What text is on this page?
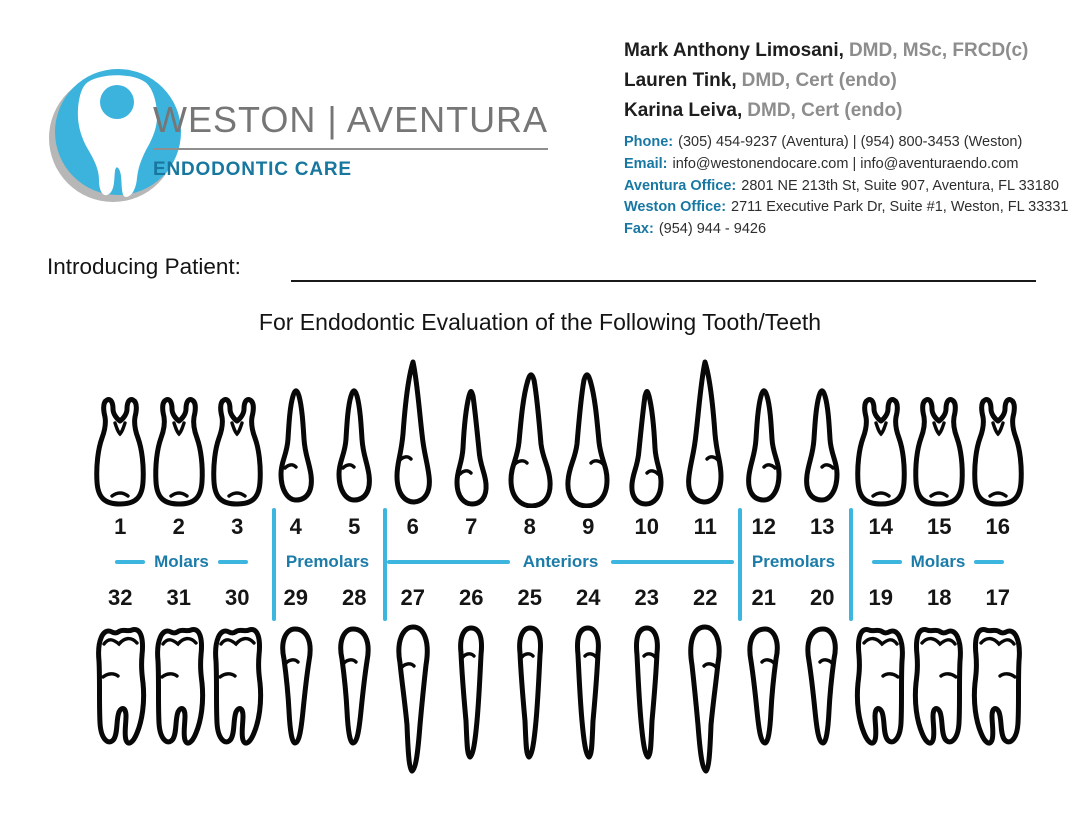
WESTON | AVENTURA
ENDODONTIC CARE
Mark Anthony Limosani, DMD, MSc, FRCD(c)
Lauren Tink, DMD, Cert (endo)
Karina Leiva, DMD, Cert (endo)
Phone: (305) 454-9237 (Aventura) | (954) 800-3453 (Weston)
Email: info@westonendocare.com | info@aventuraendo.com
Aventura Office: 2801 NE 213th St, Suite 907, Aventura, FL 33180
Weston Office: 2711 Executive Park Dr, Suite #1, Weston, FL 33331
Fax: (954) 944 - 9426
Introducing Patient:
For Endodontic Evaluation of the Following Tooth/Teeth
1	2	3	4	5	6	7	8	9	10	11	12	13	14	15	16
Molars	Premolars	Anteriors	Premolars	Molars
32	31	30	29	28	27	26	25	24	23	22	21	20	19	18	17
